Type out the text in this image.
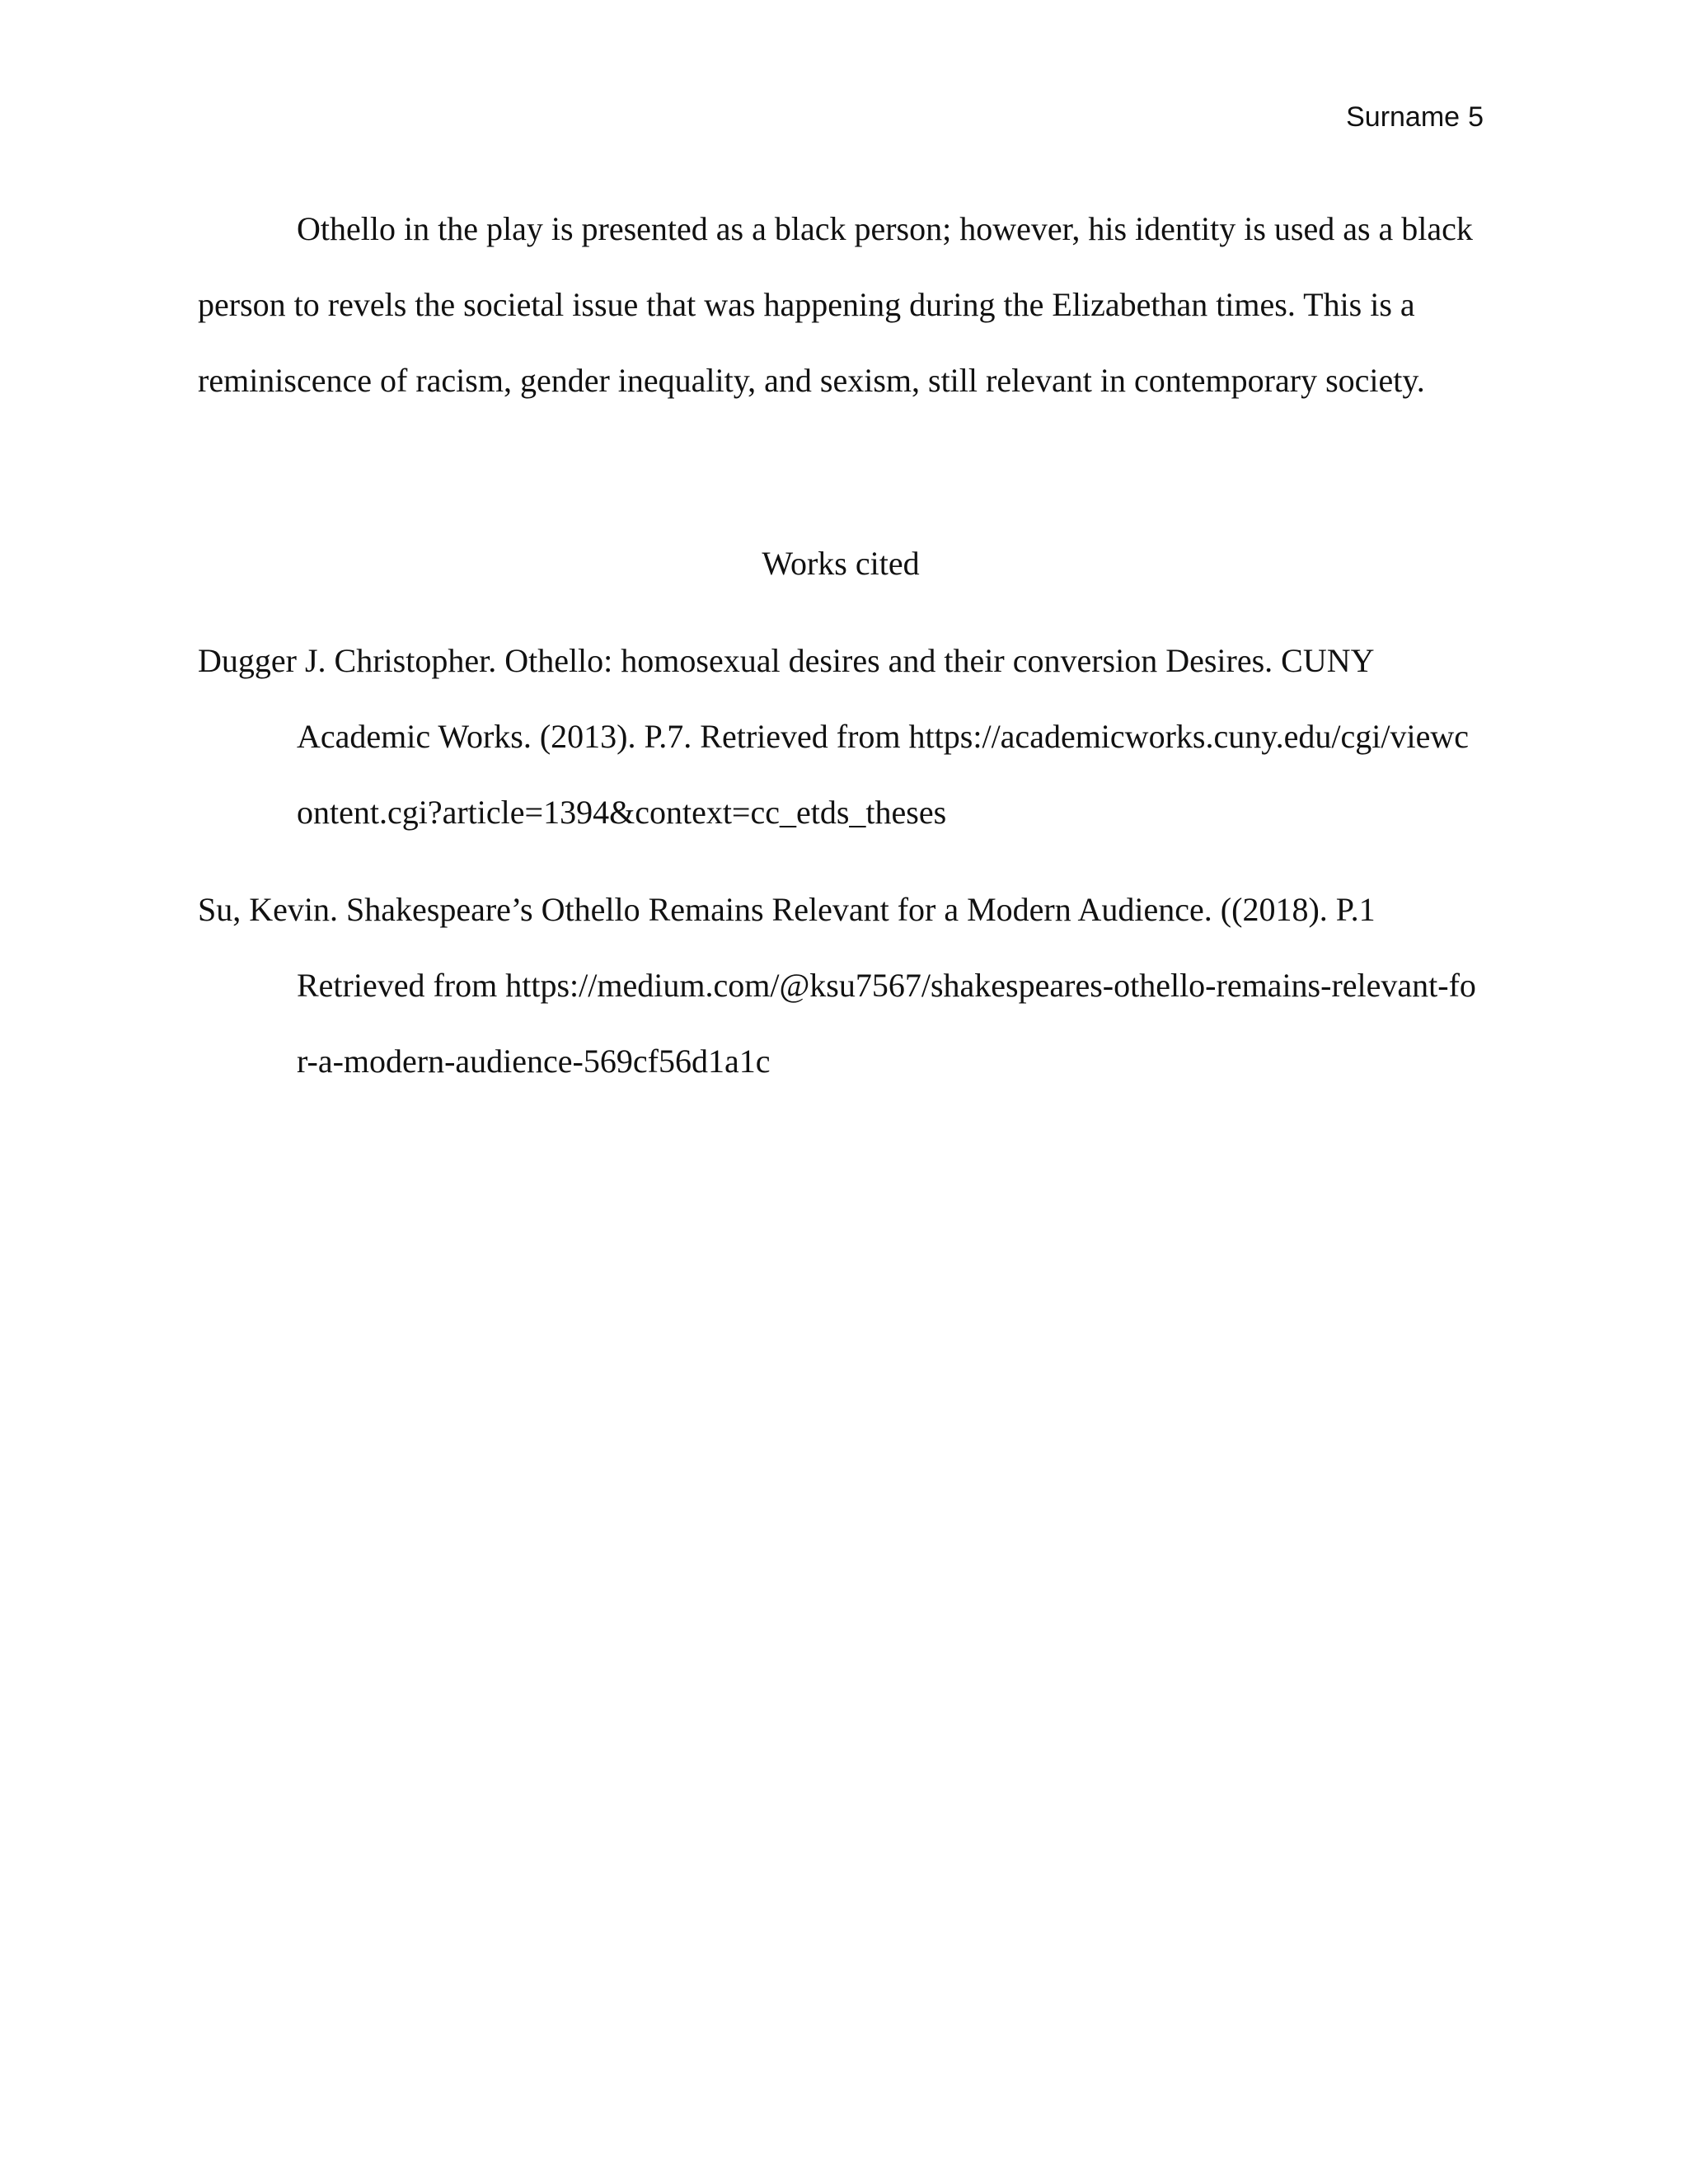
Surname 5

Othello in the play is presented as a black person; however, his identity is used as a black person to revels the societal issue that was happening during the Elizabethan times. This is a reminiscence of racism, gender inequality, and sexism, still relevant in contemporary society.

Works cited

Dugger J. Christopher. Othello: homosexual desires and their conversion Desires. CUNY Academic Works. (2013). P.7. Retrieved from https://academicworks.cuny.edu/cgi/viewcontent.cgi?article=1394&context=cc_etds_theses

Su, Kevin. Shakespeare’s Othello Remains Relevant for a Modern Audience. ((2018). P.1 Retrieved from https://medium.com/@ksu7567/shakespeares-othello-remains-relevant-for-a-modern-audience-569cf56d1a1c
